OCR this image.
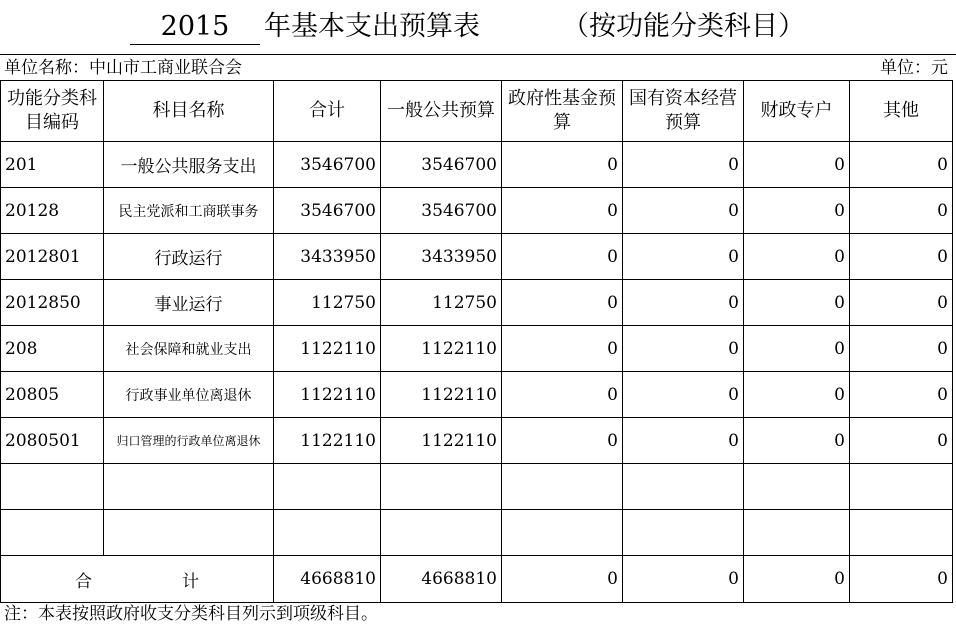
2015	年基本支出预算表	（按功能分类科目）
单位名称：中山市工商业联合会	单位：元
功能分类科目编码	科目名称	合计	一般公共预算	政府性基金预算	国有资本经营预算	财政专户	其他
201	一般公共服务支出	3546700	3546700	0	0	0	0
20128	民主党派和工商联事务	3546700	3546700	0	0	0	0
2012801	行政运行	3433950	3433950	0	0	0	0
2012850	事业运行	112750	112750	0	0	0	0
208	社会保障和就业支出	1122110	1122110	0	0	0	0
20805	行政事业单位离退休	1122110	1122110	0	0	0	0
2080501	归口管理的行政单位离退休	1122110	1122110	0	0	0	0

合 计		4668810	4668810	0	0	0	0
注：本表按照政府收支分类科目列示到项级科目。
